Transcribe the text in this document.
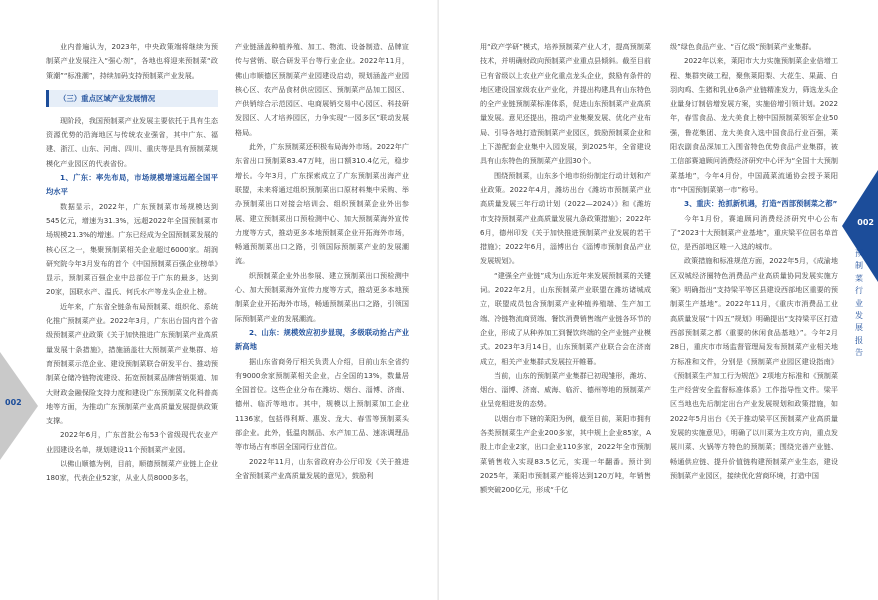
业内普遍认为，2023年，中央政策端将继续为预制菜产业发展注入“强心剂”，各地也将迎来预制菜“政策潮”“标准潮”，持续加码支持预制菜产业发展。

（三）重点区域产业发展情况

现阶段，我国预制菜产业发展主要依托于具有生态资源优势的沿海地区与传统农业强省，其中广东、福建、浙江、山东、河南、四川、重庆等是具有预制菜规模化产业园区的代表省份。

1、广东：率先布局，市场规模增速远超全国平均水平

数据显示，2022年，广东预制菜市场规模达到545亿元，增速为31.3%，远超2022年全国预制菜市场规模21.3%的增速。广东已经成为全国预制菜发展的核心区之一，集聚预制菜相关企业超过6000家。胡润研究院今年3月发布的首个《中国预制菜百强企业榜单》显示，预制菜百强企业中总部位于广东的最多，达到20家，国联水产、温氏、何氏水产等龙头企业上榜。

近年来，广东省全链条布局预制菜、组织化、系统化推广预制菜产业。2022年3月，广东出台国内首个省级预制菜产业政策《关于加快推进广东预制菜产业高质量发展十条措施》，措施涵盖壮大预制菜产业集群、培育预制菜示范企业、建设预制菜联合研发平台、推动预制菜仓储冷链物流建设、拓宽预制菜品牌营销渠道、加大财政金融保险支持力度和建设广东预制菜文化科普高地等方面，为推动广东预制菜产业高质量发展提供政策支撑。

2022年6月，广东首批公布53个省级现代农业产业园建设名单，规划建设11个预制菜产业园。

以佛山顺德为例，目前，顺德预制菜产业链上企业180家，代表企业52家，从业人员8000多名，

产业链涵盖种植养殖、加工、物流、设备制造、品牌宣传与营销、联合研发平台等行业企业。2022年11月，佛山市顺德区预制菜产业园建设启动，规划涵盖产业园核心区、农产品食材供应园区、预制菜产品加工园区、产供销综合示范园区、电商展销交易中心园区、科技研发园区、人才培养园区，力争实现“一园多区”联动发展格局。

此外，广东预制菜还积极布局海外市场。2022年广东省出口预制菜83.47万吨，出口额310.4亿元，稳步增长。今年3月，广东探索成立了广东预制菜出海产业联盟，未来将通过组织预制菜出口原材料集中采购、举办预制菜出口对接会培训会、组织预制菜企业外出参展、建立预制菜出口预检测中心、加大预制菜海外宣传力度等方式，推动更多本地预制菜企业开拓海外市场，畅通预制菜出口之路，引领国际预制菜产业的发展潮流。

织预制菜企业外出参展、建立预制菜出口预检测中心、加大预制菜海外宣传力度等方式，推动更多本地预制菜企业开拓海外市场，畅通预制菜出口之路，引领国际预制菜产业的发展潮流。

2、山东：规模效应初步显现，多级联动抢占产业新高地

据山东省商务厅相关负责人介绍，目前山东全省约有9000余家预制菜相关企业，占全国的13%，数量居全国首位。这些企业分布在潍坊、烟台、淄博、济南、德州、临沂等地市。其中，规模以上预制菜加工企业1136家，包括得利斯、惠发、龙大、春雪等预制菜头部企业。此外，低温肉制品、水产加工品、速冻调理品等市场占有率居全国同行业首位。

2022年11月，山东省政府办公厅印发《关于推进全省预制菜产业高质量发展的意见》，鼓励利

002
002
预制菜行业发展报告

用“政产学研”模式，培养预制菜产业人才，提高预制菜技术，并明确财政向预制菜产业重点县倾斜。截至目前已有省级以上农业产业化重点龙头企业，鼓励有条件的地区建设国家级农业产业化，并提出构建具有山东特色的全产业链预制菜标准体系，促进山东预制菜产业高质量发展。意见还提出，推动产业集聚发展、优化产业布局、引导各地打造预制菜产业园区，鼓励预制菜企业和上下游配套企业集中入园发展，到2025年，全省建设具有山东特色的预制菜产业园30个。

围绕预制菜，山东多个地市纷纷制定行动计划和产业政策。2022年4月，潍坊出台《潍坊市预制菜产业高质量发展三年行动计划（2022—2024）》和《潍坊市支持预制菜产业高质量发展九条政策措施》；2022年6月，德州印发《关于加快推进预制菜产业发展的若干措施》；2022年6月，淄博出台《淄博市预制食品产业发展规划》。

“建强全产业链”成为山东近年来发展预制菜的关键词。2022年2月，山东预制菜产业联盟在潍坊诸城成立，联盟成员包含预制菜产业种植养殖端、生产加工端、冷链物流商贸端、餐饮消费销售端产业链各环节的企业，形成了从种养加工到餐饮终端的全产业链产业模式。2023年3月14日，山东预制菜产业联合会在济南成立，相关产业集群式发展拉开帷幕。

当前，山东的预制菜产业集群已初现雏形，潍坊、烟台、淄博、济南、威海、临沂、德州等地的预制菜产业呈竞相进发的态势。

以烟台市下辖的莱阳为例，截至目前，莱阳市拥有各类预制菜生产企业200多家，其中规上企业85家，A股上市企业2家，出口企业110多家，2022年全市预制菜销售收入实现83.5亿元，实现一年翻番。预计到2025年，莱阳市预制菜产能将达到120万吨，年销售额突破200亿元，形成“千亿

级”绿色食品产业、“百亿级”预制菜产业集群。

2022年以来，莱阳市大力实施预制菜企业倍增工程、集群突破工程，聚焦莱阳梨、大花生、果蔬、白羽肉鸡、生猪和乳业6条产业链精准发力，筛选龙头企业量身订制倍增发展方案，实施倍增引领计划。2022年，春雪食品、龙大美食上榜中国预制菜领军企业50强，鲁花集团、龙大美食入选中国食品行业百强，莱阳农副食品深加工入围省特色优势食品产业集群，被工信部赛迪顾问消费经济研究中心评为“全国十大预制菜基地”，今年4月份，中国蔬菜流通协会授予莱阳市“中国预制菜第一市”称号。

3、重庆：抢抓新机遇，打造“西部预制菜之都”

今年1月份，赛迪顾问消费经济研究中心公布了“2023十大预制菜产业基地”，重庆梁平位居名单首位，是西部地区唯一入选的城市。

政策措施和标准规范方面，2022年5月，《成渝地区双城经济圈特色消费品产业高质量协同发展实施方案》明确指出“支持梁平等区县建设西部地区重要的预制菜生产基地”。2022年11月，《重庆市消费品工业高质量发展“十四五”规划》明确提出“支持梁平区打造西部预制菜之都（重要的休闲食品基地）”。今年2月28日，重庆市市场监督管理局发布预制菜产业相关地方标准和文件，分别是《预制菜产业园区建设指南》《预制菜生产加工行为规范》2项地方标准和《预制菜生产经营安全监督标准体系》工作指导性文件。梁平区当地也先后制定出台产业发展规划和政策措施，如2022年5月出台《关于推动梁平区预制菜产业高质量发展的实施意见》，明确了以川菜为主攻方向，重点发展川菜、火锅等方特色的预制菜；围绕完善产业链、畅通供应链、提升价值链构建预制菜产业生态，建设预制菜产业园区，接续优化营商环境，打造中国
